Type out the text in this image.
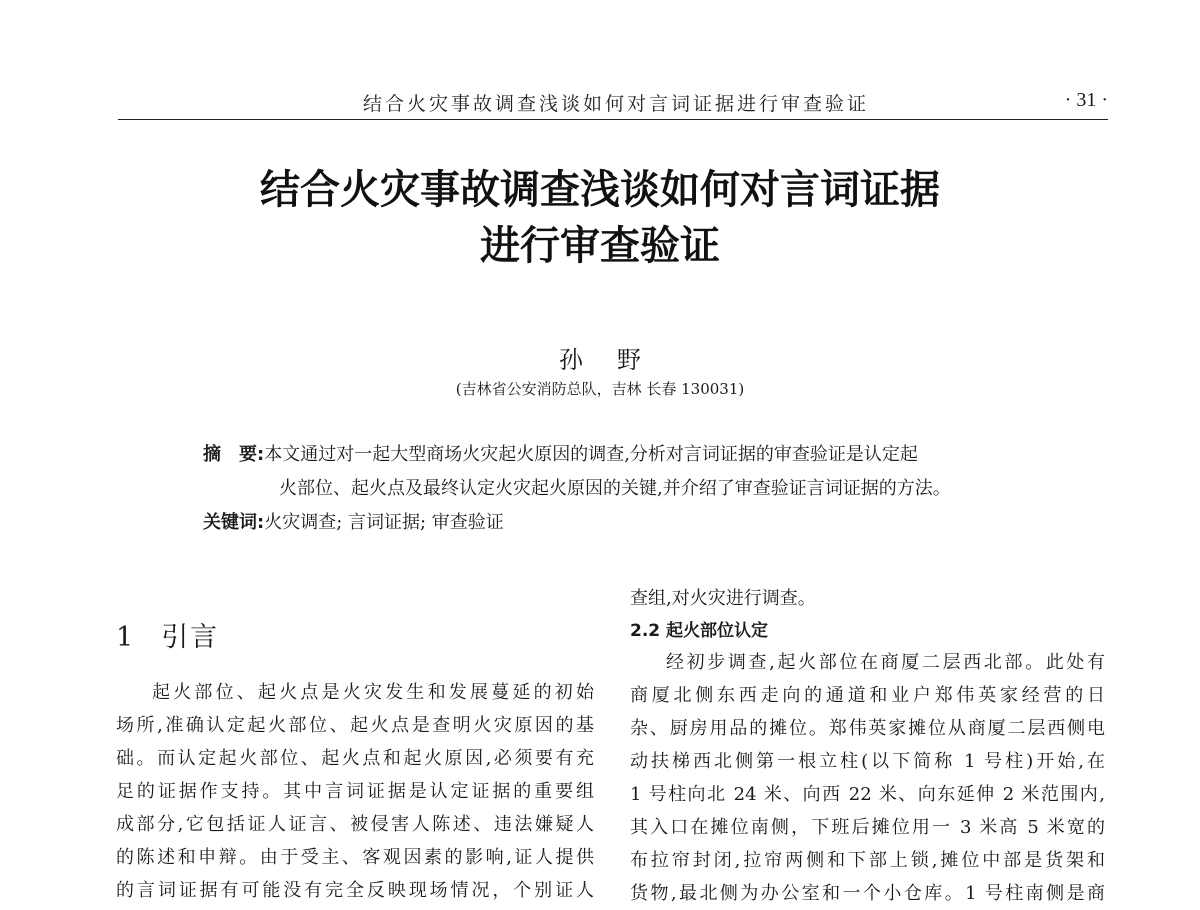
结合火灾事故调查浅谈如何对言词证据进行审查验证	· 31 ·
结合火灾事故调查浅谈如何对言词证据
进行审查验证
孙野
(吉林省公安消防总队，吉林 长春 130031)
摘　要:本文通过对一起大型商场火灾起火原因的调查,分析对言词证据的审查验证是认定起
火部位、起火点及最终认定火灾起火原因的关键,并介绍了审查验证言词证据的方法。
关键词:火灾调查; 言词证据; 审查验证
1 引言
起火部位、起火点是火灾发生和发展蔓延的初始
场所,准确认定起火部位、起火点是查明火灾原因的基
础。而认定起火部位、起火点和起火原因,必须要有充
足的证据作支持。其中言词证据是认定证据的重要组
成部分,它包括证人证言、被侵害人陈述、违法嫌疑人
的陈述和申辩。由于受主、客观因素的影响,证人提供
的言词证据有可能没有完全反映现场情况，个别证人
查组,对火灾进行调查。
2.2 起火部位认定
经初步调查,起火部位在商厦二层西北部。此处有
商厦北侧东西走向的通道和业户郑伟英家经营的日
杂、厨房用品的摊位。郑伟英家摊位从商厦二层西侧电
动扶梯西北侧第一根立柱(以下简称 1 号柱)开始,在
1 号柱向北 24 米、向西 22 米、向东延伸 2 米范围内,
其入口在摊位南侧，下班后摊位用一 3 米高 5 米宽的
布拉帘封闭,拉帘两侧和下部上锁,摊位中部是货架和
货物,最北侧为办公室和一个小仓库。1 号柱南侧是商
